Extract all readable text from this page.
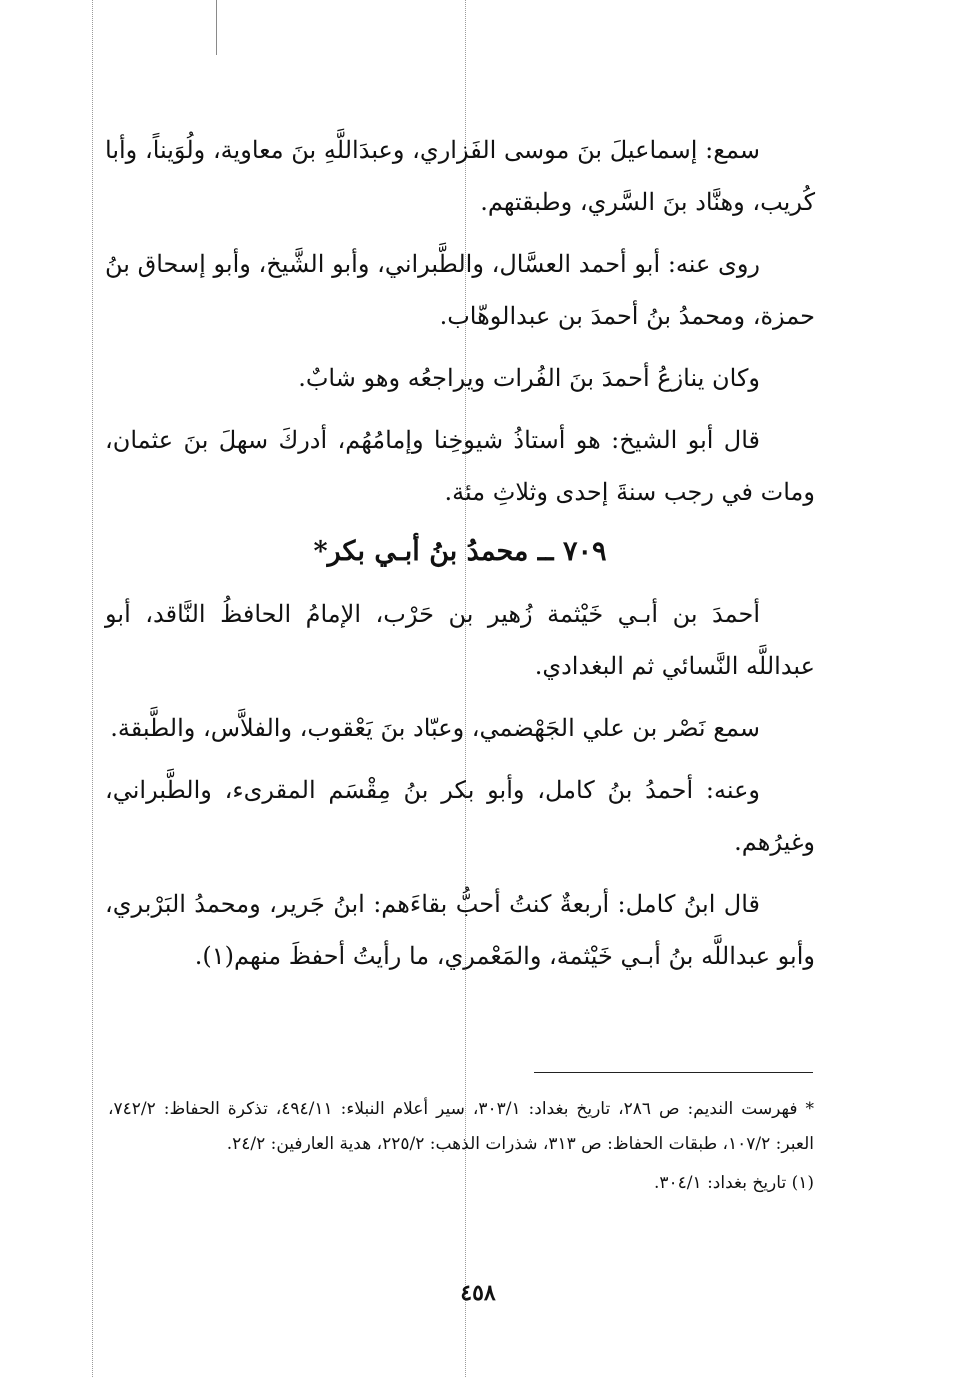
سمع: إسماعيلَ بنَ موسى الفَزاري، وعبدَاللَّهِ بنَ معاوية، ولُوَيناً، وأبا كُريب، وهنَّاد بنَ السَّري، وطبقتهم.

روى عنه: أبو أحمد العسَّال، والطَّبراني، وأبو الشَّيخ، وأبو إسحاق بنُ حمزة، ومحمدُ بنُ أحمدَ بن عبدالوهّاب.

وكان ينازعُ أحمدَ بنَ الفُرات ويراجعُه وهو شابٌ.

قال أبو الشيخ: هو أستاذُ شيوخِنا وإمامُهُم، أدركَ سهلَ بنَ عثمان، ومات في رجب سنةَ إحدى وثلاثِ مئة.

٧٠٩ ــ محمدُ بنُ أبـي بكر*

أحمدَ بن أبـي خَيْثمة زُهير بن حَرْب، الإمامُ الحافظُ النَّاقد، أبو عبداللَّه النَّسائي ثم البغدادي.

سمع نَصْر بن علي الجَهْضمي، وعبّاد بنَ يَعْقوب، والفلاَّس، والطَّبقة.

وعنه: أحمدُ بنُ كامل، وأبو بكر بنُ مِقْسَم المقرىء، والطَّبراني، وغيرُهم.

قال ابنُ كامل: أربعةٌ كنتُ أحبُّ بقاءَهم: ابنُ جَرير، ومحمدُ البَرْبري، وأبو عبداللَّه بنُ أبـي خَيْثمة، والمَعْمري، ما رأيتُ أحفظَ منهم(١).

* فهرست النديم: ص ٢٨٦، تاريخ بغداد: ٣٠٣/١، سير أعلام النبلاء: ٤٩٤/١١، تذكرة الحفاظ: ٧٤٢/٢، العبر: ١٠٧/٢، طبقات الحفاظ: ص ٣١٣، شذرات الذهب: ٢٢٥/٢، هدية العارفين: ٢٤/٢.

(١) تاريخ بغداد: ٣٠٤/١.

٤٥٨
